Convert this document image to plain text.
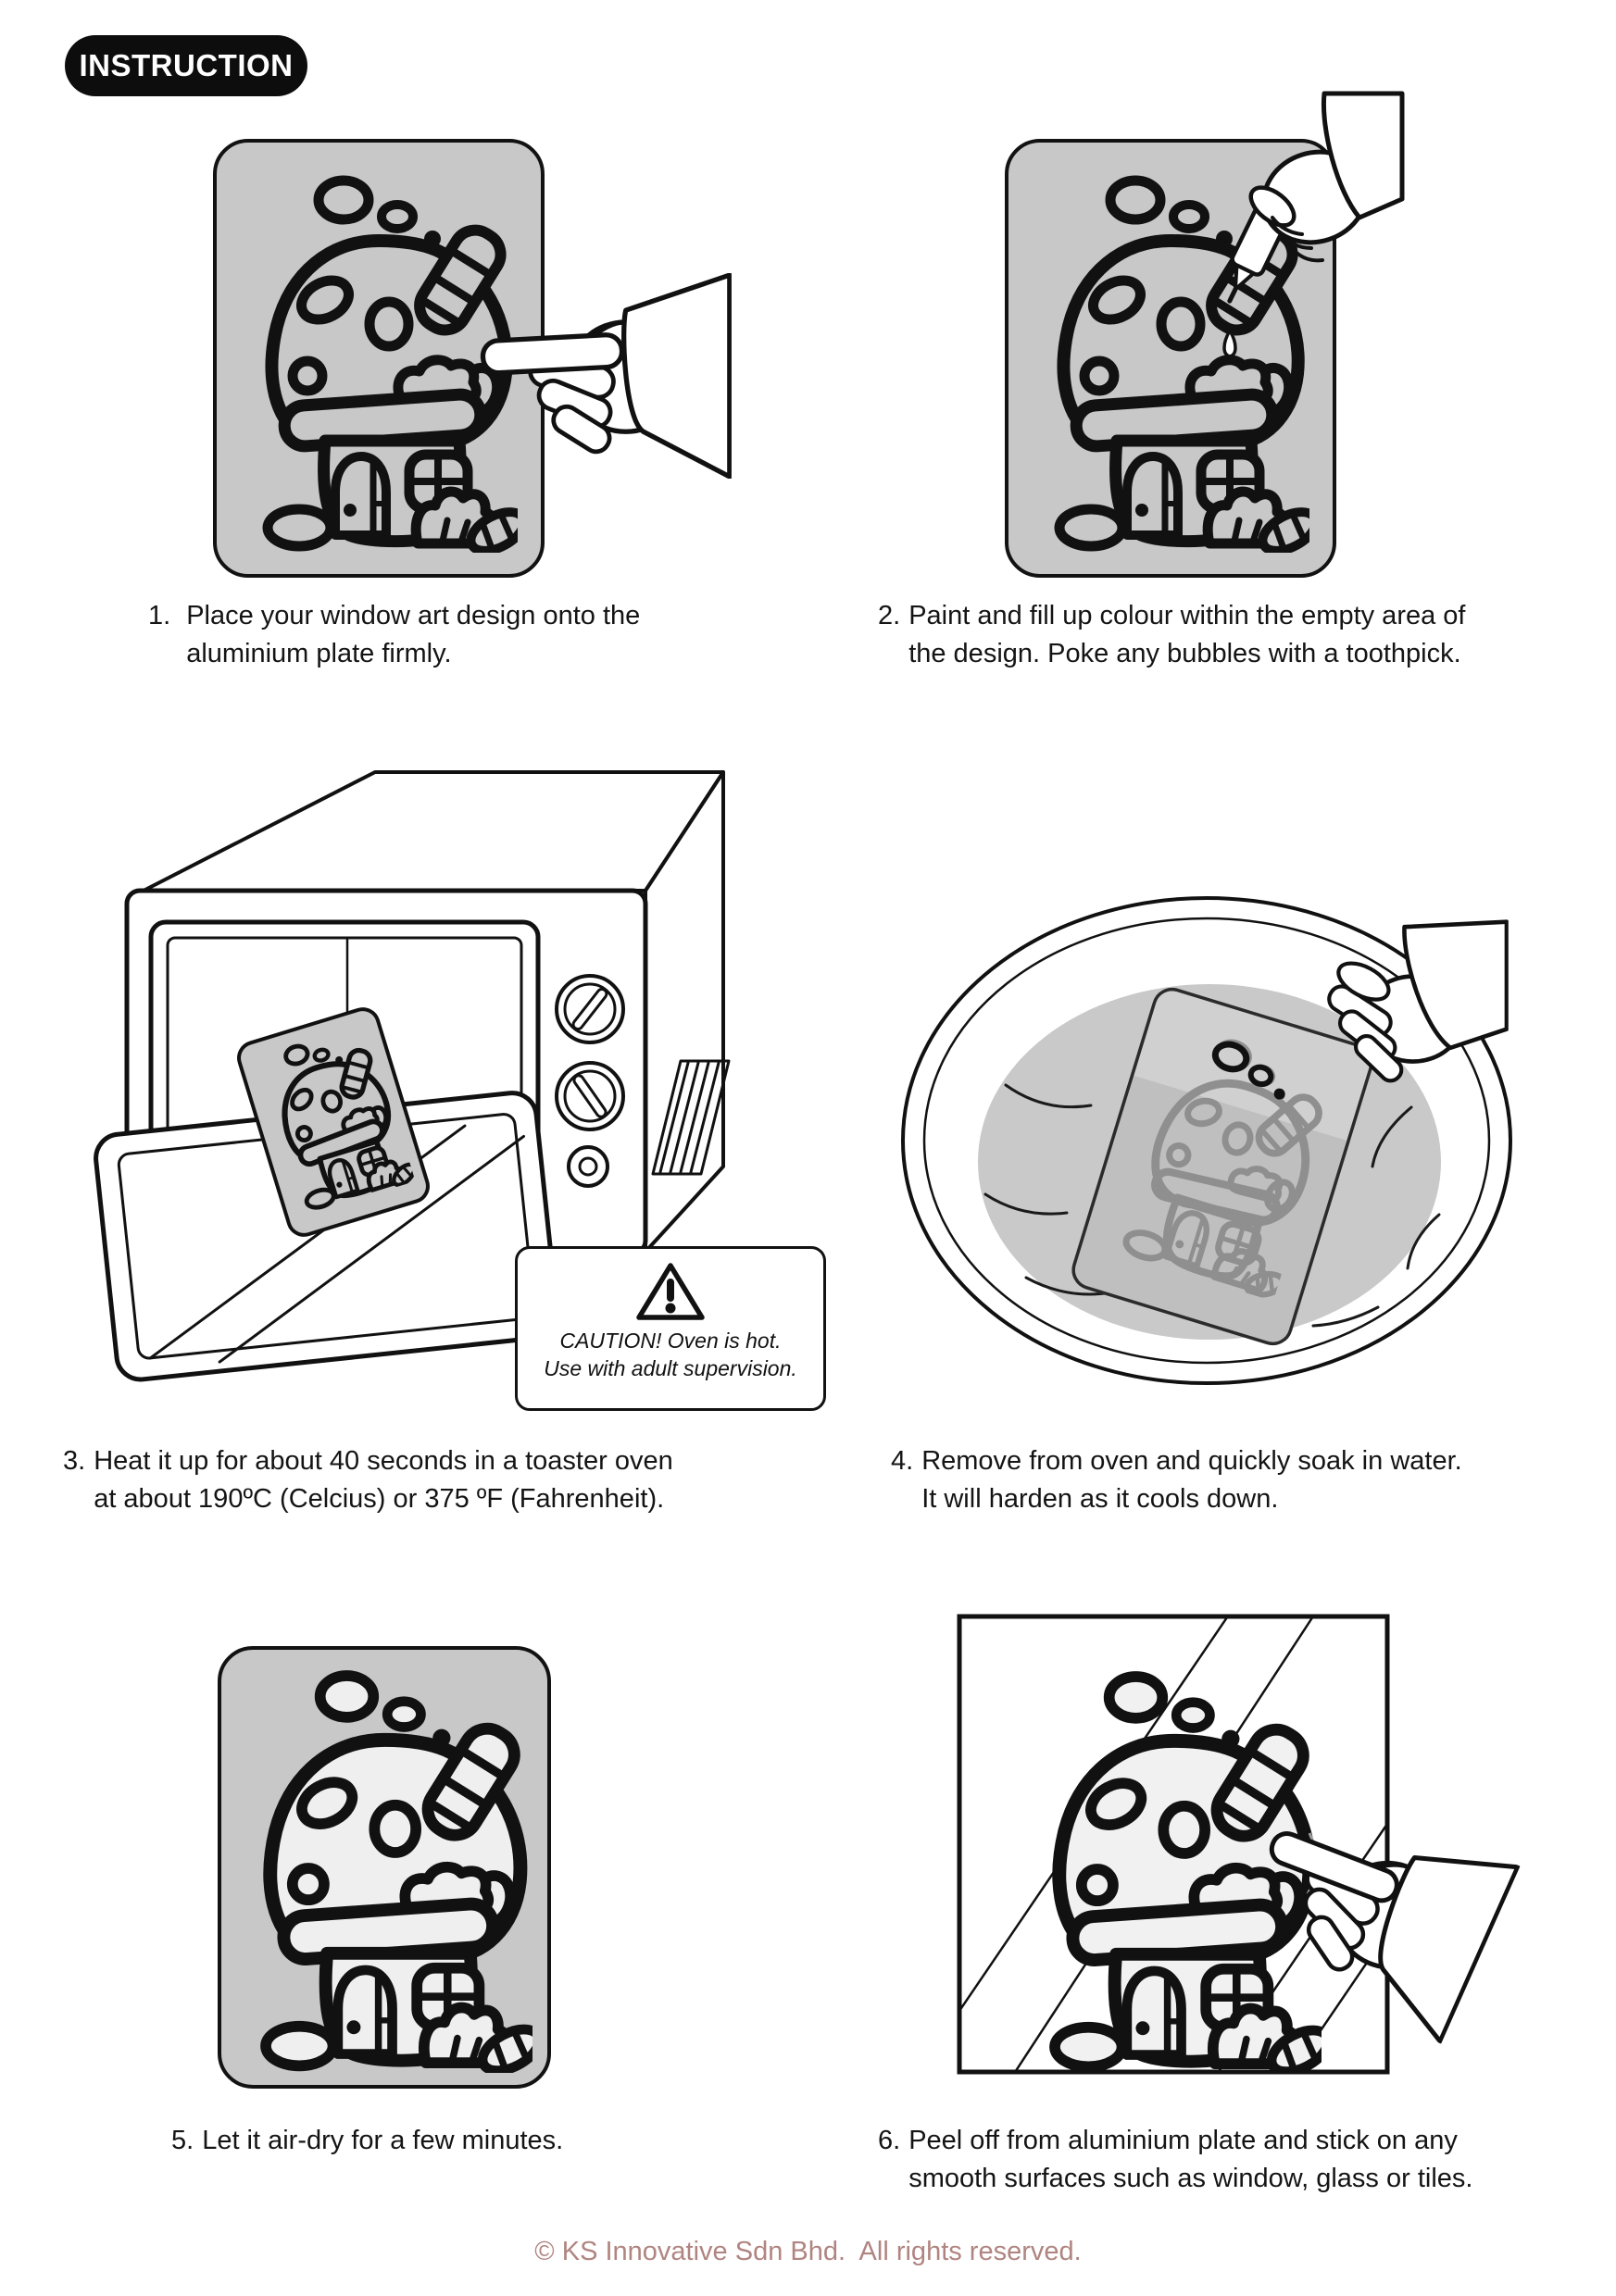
INSTRUCTION
1. Place your window art design onto the
aluminium plate firmly.
2. Paint and fill up colour within the empty area of
the design. Poke any bubbles with a toothpick.
CAUTION! Oven is hot.
Use with adult supervision.
3. Heat it up for about 40 seconds in a toaster oven
at about 190ºC (Celcius) or 375 ºF (Fahrenheit).
4. Remove from oven and quickly soak in water.
It will harden as it cools down.
5. Let it air-dry for a few minutes.	6. Peel off from aluminium plate and stick on any
smooth surfaces such as window, glass or tiles.
© KS Innovative Sdn Bhd.  All rights reserved.
